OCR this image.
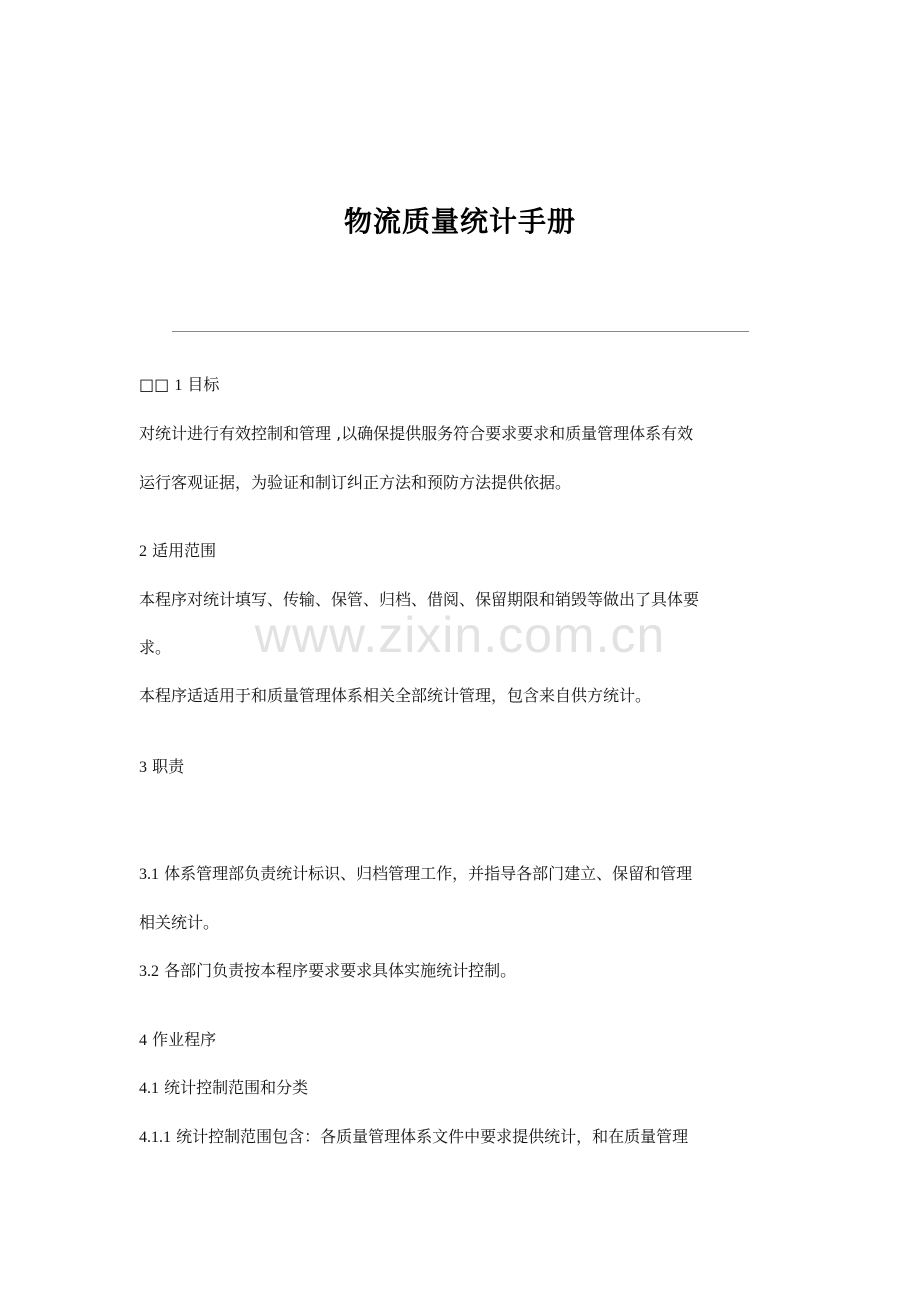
物流质量统计手册
□□ 1 目标
对统计进行有效控制和管理 ,以确保提供服务符合要求要求和质量管理体系有效
运行客观证据，为验证和制订纠正方法和预防方法提供依据。
2 适用范围
本程序对统计填写、传输、保管、归档、借阅、保留期限和销毁等做出了具体要
求。
本程序适适用于和质量管理体系相关全部统计管理，包含来自供方统计。
3 职责
3.1 体系管理部负责统计标识、归档管理工作，并指导各部门建立、保留和管理
相关统计。
3.2 各部门负责按本程序要求要求具体实施统计控制。
4 作业程序
4.1 统计控制范围和分类
4.1.1 统计控制范围包含：各质量管理体系文件中要求提供统计，和在质量管理
www.zixin.com.cn
